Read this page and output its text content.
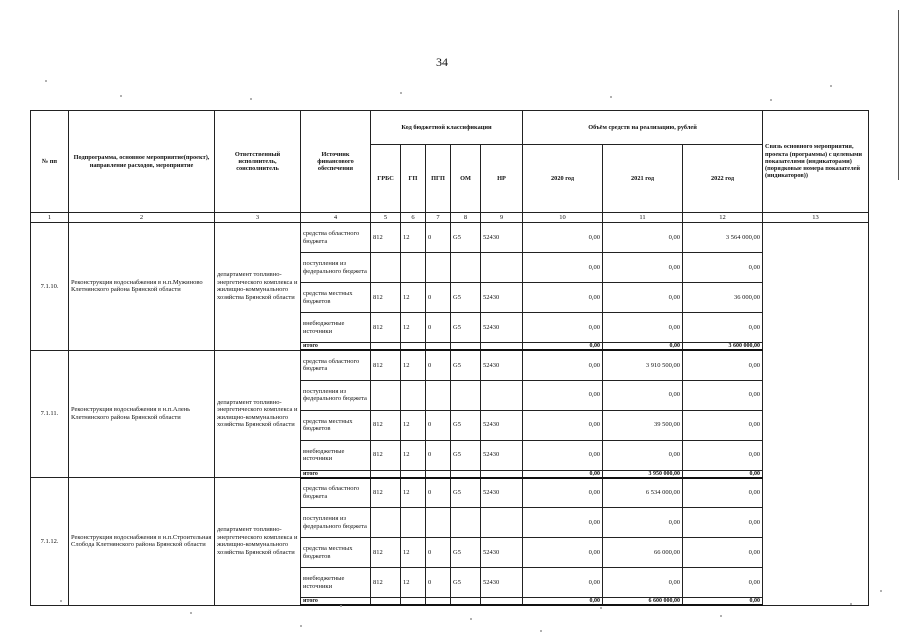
34
№ пп	Подпрограмма, основное мероприятие(проект), направление расходов, мероприятие	Ответственный исполнитель, соисполнитель	Источник финансового обеспечения	Код бюджетной классификации					Объём средств на реализацию, рублей			Связь основного мероприятия, проекта (программы) с целевыми показателями (индикаторами) (порядковые номера показателей (индикаторов))
				ГРБС	ГП	ПГП	ОМ	НР	2020 год	2021 год	2022 год	
1	2	3	4	5	6	7	8	9	10	11	12	13
7.1.10.	Реконструкция водоснабжения в н.п.Мужиново Клетнянского района Брянской области	департамент топливно-энергетического комплекса и жилищно-коммунального хозяйства Брянской области	средства областного бюджета	812	12	0	G5	52430	0,00	0,00	3 564 000,00	
			поступления из федерального бюджета						0,00	0,00	0,00	
			средства местных бюджетов	812	12	0	G5	52430	0,00	0,00	36 000,00	
			внебюджетные источники	812	12	0	G5	52430	0,00	0,00	0,00	
			итого						0,00	0,00	3 600 000,00	
7.1.11.	Реконструкция водоснабжения в н.п.Алень Клетнянского района Брянской области	департамент топливно-энергетического комплекса и жилищно-коммунального хозяйства Брянской области	средства областного бюджета	812	12	0	G5	52430	0,00	3 910 500,00	0,00	
			поступления из федерального бюджета						0,00	0,00	0,00	
			средства местных бюджетов	812	12	0	G5	52430	0,00	39 500,00	0,00	
			внебюджетные источники	812	12	0	G5	52430	0,00	0,00	0,00	
			итого						0,00	3 950 000,00	0,00	
7.1.12.	Реконструкция водоснабжения в н.п.Строительная Слобода Клетнянского района Брянской области	департамент топливно-энергетического комплекса и жилищно-коммунального хозяйства Брянской области	средства областного бюджета	812	12	0	G5	52430	0,00	6 534 000,00	0,00	
			поступления из федерального бюджета						0,00	0,00	0,00	
			средства местных бюджетов	812	12	0	G5	52430	0,00	66 000,00	0,00	
			внебюджетные источники	812	12	0	G5	52430	0,00	0,00	0,00	
			итого						0,00	6 600 000,00	0,00	
